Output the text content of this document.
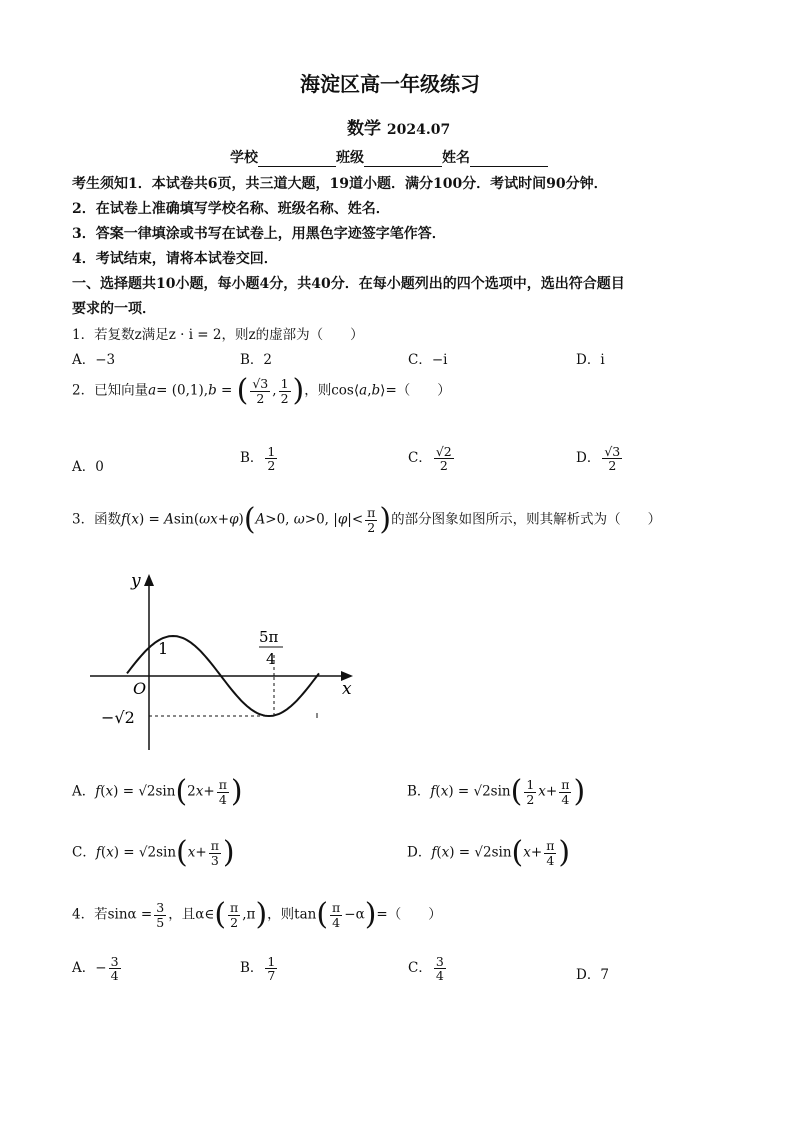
海淀区高一年级练习
数学 2024.07
学校	班级	姓名
考生须知1．本试卷共6页，共三道大题，19道小题．满分100分．考试时间90分钟．
2．在试卷上准确填写学校名称、班级名称、姓名．
3．答案一律填涂或书写在试卷上，用黑色字迹签字笔作答．
4．考试结束，请将本试卷交回．
一、选择题共10小题，每小题4分，共40分．在每小题列出的四个选项中，选出符合题目
要求的一项．
1．若复数z满足z · i = 2，则z的虚部为（　　）
A．−3	B．2	C．−i	D．i
2．已知向量a= (0,1),b = ( $\frac{√3}{2}$ , $\frac{1}{2}$ )，则cos⟨a,b⟩=（　　）
A．0
B． $\frac{1}{2}$	C． $\frac{√2}{2}$	D． $\frac{√3}{2}$
3．函数f(x) = Asin(ωx+φ)(A>0, ω>0, $|\varphi|< \frac{\pi}{2}$ )的部分图象如图所示，则其解析式为（　　）
y
x
O
1
5π
4
−√2
A．$f(x) = √2\sin(2x+ \frac{\pi}{4}$ )	B．$f(x) = √2\sin( \frac{1}{2} x+ \frac{\pi}{4}$ )
C．$f(x) = √2\sin(x+ \frac{\pi}{3}$ )	D．$f(x) = √2\sin(x+ \frac{\pi}{4}$ )
4．若$\sin\alpha = \frac{3}{5}$ ，且α∈( $\frac{\pi}{2} ,\pi$)，则$\tan( \frac{\pi}{4} -\alpha)=$（　　）
A．− $\frac{3}{4}$	B． $\frac{1}{7}$	C． $\frac{3}{4}$	D．7
